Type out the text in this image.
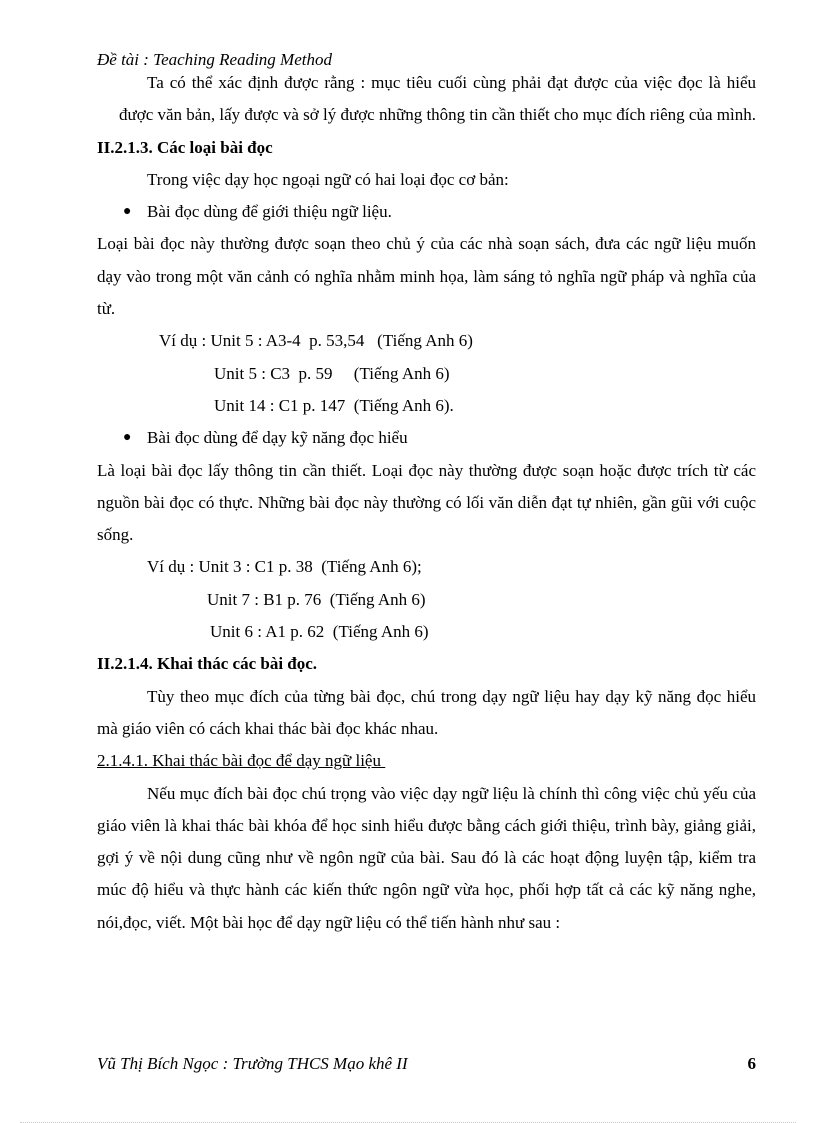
Đề tài : Teaching Reading Method

Ta có thể xác định được rằng : mục tiêu cuối cùng phải đạt được của việc đọc là hiểu được văn bản, lấy được và sở lý được những thông tin cần thiết cho mục đích riêng của mình.

II.2.1.3. Các loại bài đọc

Trong việc dạy học ngoại ngữ có hai loại đọc cơ bản:

● Bài đọc dùng để giới thiệu ngữ liệu.

Loại bài đọc này thường được soạn theo chủ ý của các nhà soạn sách, đưa các ngữ liệu muốn dạy vào trong một văn cảnh có nghĩa nhằm minh họa, làm sáng tỏ nghĩa ngữ pháp và nghĩa của từ.

Ví dụ : Unit 5 : A3-4  p. 53,54   (Tiếng Anh 6)

Unit 5 : C3  p. 59     (Tiếng Anh 6)

Unit 14 : C1 p. 147  (Tiếng Anh 6).

● Bài đọc dùng để dạy kỹ năng đọc hiểu

Là loại bài đọc lấy thông tin cần thiết. Loại đọc này thường được soạn hoặc được trích từ các nguồn bài đọc có thực. Những bài đọc này thường có lối văn diễn đạt tự nhiên, gần gũi với cuộc sống.

Ví dụ : Unit 3 : C1 p. 38  (Tiếng Anh 6);

Unit 7 : B1 p. 76  (Tiếng Anh 6)

Unit 6 : A1 p. 62  (Tiếng Anh 6)

II.2.1.4. Khai thác các bài đọc.

Tùy theo mục đích của từng bài đọc, chú trong dạy ngữ liệu hay dạy kỹ năng đọc hiểu mà giáo viên có cách khai thác bài đọc khác nhau.

2.1.4.1. Khai thác bài đọc để dạy ngữ liệu

Nếu mục đích bài đọc chú trọng vào việc dạy ngữ liệu là chính thì công việc chủ yếu của giáo viên là khai thác bài khóa để học sinh hiểu được bằng cách giới thiệu, trình bày, giảng giải, gợi ý về nội dung cũng như về ngôn ngữ của bài. Sau đó là các hoạt động luyện tập, kiểm tra múc độ hiểu và thực hành các kiến thức ngôn ngữ vừa học, phối hợp tất cả các kỹ năng nghe, nói,đọc, viết. Một bài học để dạy ngữ liệu có thể tiến hành như sau :

Vũ Thị Bích Ngọc : Trường THCS Mạo khê II	6
